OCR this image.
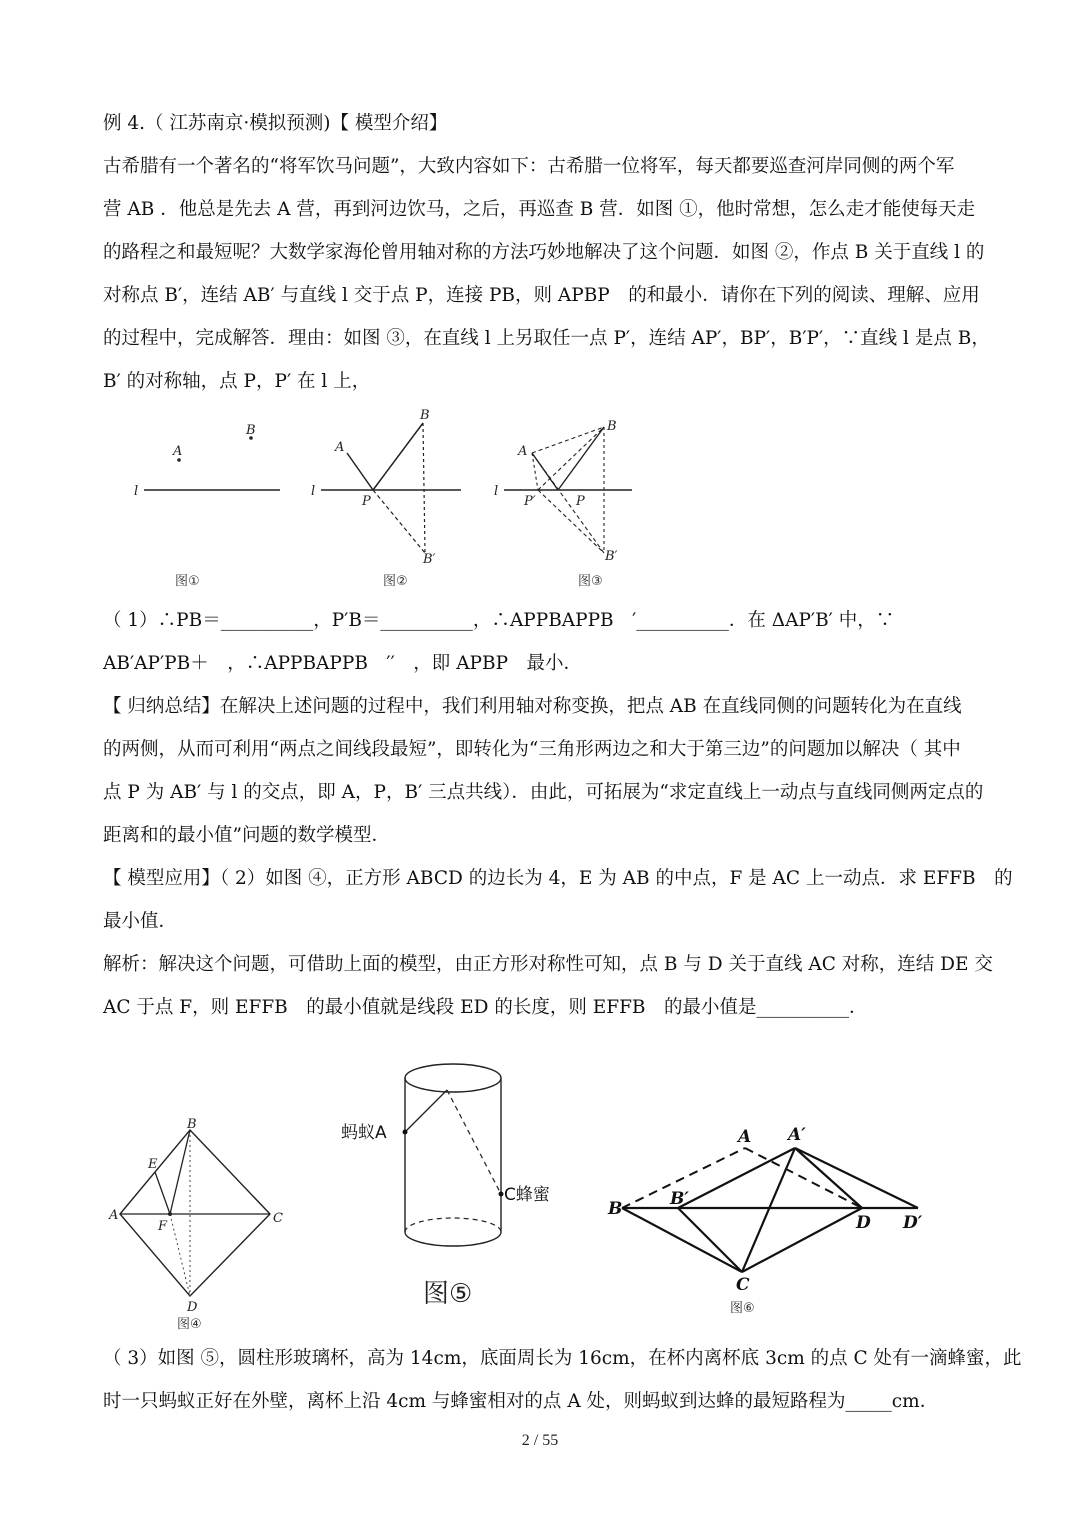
例 4.（ 江苏南京·模拟预测)【 模型介绍】
古希腊有一个著名的“将军饮马问题”，大致内容如下：古希腊一位将军，每天都要巡查河岸同侧的两个军
营 AB ．他总是先去 A 营，再到河边饮马，之后，再巡查 B 营．如图 ①，他时常想，怎么走才能使每天走
的路程之和最短呢？大数学家海伦曾用轴对称的方法巧妙地解决了这个问题．如图 ②，作点 B 关于直线 l 的
对称点 B′，连结 AB′ 与直线 l 交于点 P，连接 PB，则 APBP　的和最小．请你在下列的阅读、理解、应用
的过程中，完成解答．理由：如图 ③，在直线 l 上另取任一点 P′，连结 AP′，BP′，B′P′，∵直线 l 是点 B，
B′ 的对称轴，点 P，P′ 在 l 上，
（ 1）∴PB＝__________，P′B＝__________，∴APPBAPPB　′__________．在 ΔAP′B′ 中，∵
AB′AP′PB＋　，∴APPBAPPB　′′　，即 APBP　最小．
【 归纳总结】在解决上述问题的过程中，我们利用轴对称变换，把点 AB 在直线同侧的问题转化为在直线
的两侧，从而可利用“两点之间线段最短”，即转化为“三角形两边之和大于第三边”的问题加以解决（ 其中
点 P 为 AB′ 与 l 的交点，即 A，P，B′ 三点共线）．由此，可拓展为“求定直线上一动点与直线同侧两定点的
距离和的最小值”问题的数学模型．
【 模型应用】（ 2）如图 ④，正方形 ABCD 的边长为 4，E 为 AB 的中点，F 是 AC 上一动点．求 EFFB　的
最小值．
解析：解决这个问题，可借助上面的模型，由正方形对称性可知，点 B 与 D 关于直线 AC 对称，连结 DE 交
AC 于点 F，则 EFFB　的最小值就是线段 ED 的长度，则 EFFB　的最小值是__________．
（ 3）如图 ⑤，圆柱形玻璃杯，高为 14cm，底面周长为 16cm，在杯内离杯底 3cm 的点 C 处有一滴蜂蜜，此
时一只蚂蚁正好在外壁，离杯上沿 4cm 与蜂蜜相对的点 A 处，则蚂蚁到达蜂的最短路程为_____cm．
A
B
l
图①
A
B
l
P
B′
图②
A
B
l
P′	P
B′
图③
B
A	C
D
E
F
图④
蚂蚁A
C蜂蜜
图⑤
A A′
B	B′
D D′
C
图⑥
2 / 55
